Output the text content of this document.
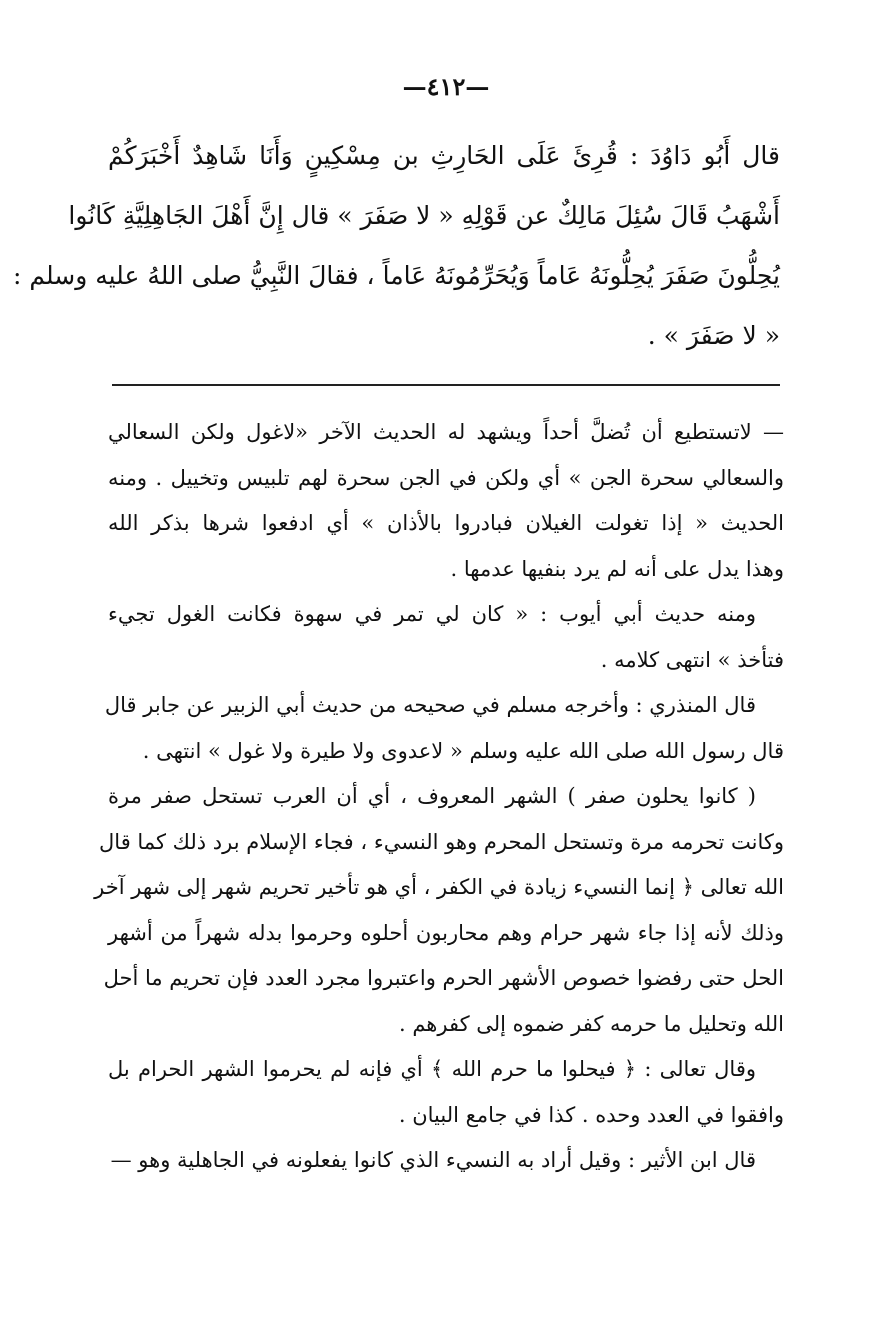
—٤١٢—
قال أَبُو دَاوُدَ : قُرِئَ عَلَى الحَارِثِ بن مِسْكِينٍ وَأَنَا شَاهِدٌ أَخْبَرَكُمْ
أَشْهَبُ قَالَ سُئِلَ مَالِكٌ عن قَوْلِهِ « لا صَفَرَ » قال إِنَّ أَهْلَ الجَاهِلِيَّةِ كَانُوا
يُحِلُّونَ صَفَرَ يُحِلُّونَهُ عَاماً وَيُحَرِّمُونَهُ عَاماً ، فقالَ النَّبِيُّ صلى اللهُ عليه وسلم :
« لا صَفَرَ » .
— لاتستطيع أن تُضلَّ أحداً ويشهد له الحديث الآخر «لاغول ولكن السعالي
والسعالي سحرة الجن » أي ولكن في الجن سحرة لهم تلبيس وتخييل . ومنه
الحديث « إذا تغولت الغيلان فبادروا بالأذان » أي ادفعوا شرها بذكر الله
وهذا يدل على أنه لم يرد بنفيها عدمها .
ومنه حديث أبي أيوب : « كان لي تمر في سهوة فكانت الغول تجيء
فتأخذ » انتهى كلامه .
قال المنذري : وأخرجه مسلم في صحيحه من حديث أبي الزبير عن جابر قال
قال رسول الله صلى الله عليه وسلم « لاعدوى ولا طيرة ولا غول » انتهى .
( كانوا يحلون صفر ) الشهر المعروف ، أي أن العرب تستحل صفر مرة
وكانت تحرمه مرة وتستحل المحرم وهو النسيء ، فجاء الإسلام برد ذلك كما قال
الله تعالى ﴿ إنما النسيء زيادة في الكفر ، أي هو تأخير تحريم شهر إلى شهر آخر
وذلك لأنه إذا جاء شهر حرام وهم محاربون أحلوه وحرموا بدله شهراً من أشهر
الحل حتى رفضوا خصوص الأشهر الحرم واعتبروا مجرد العدد فإن تحريم ما أحل
الله وتحليل ما حرمه كفر ضموه إلى كفرهم .
وقال تعالى : ﴿ فيحلوا ما حرم الله ﴾ أي فإنه لم يحرموا الشهر الحرام بل
وافقوا في العدد وحده . كذا في جامع البيان .
قال ابن الأثير : وقيل أراد به النسيء الذي كانوا يفعلونه في الجاهلية وهو —
